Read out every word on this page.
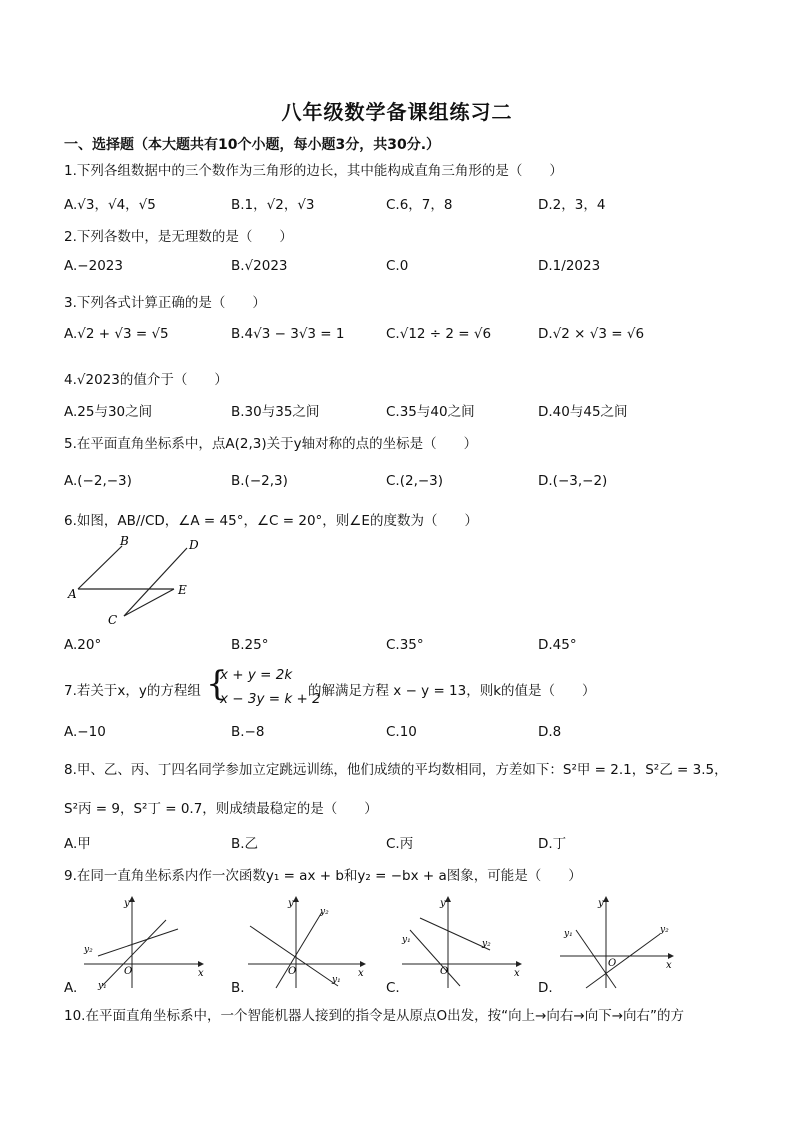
八年级数学备课组练习二
一、选择题（本大题共有10个小题，每小题3分，共30分.）
1.下列各组数据中的三个数作为三角形的边长，其中能构成直角三角形的是（　　）
A.√3，√4，√5	B.1，√2，√3	C.6，7，8	D.2，3，4
2.下列各数中，是无理数的是（　　）
A.−2023	B.√2023	C.0	D.1/2023
3.下列各式计算正确的是（　　）
A.√2 + √3 = √5	B.4√3 − 3√3 = 1	C.√12 ÷ 2 = √6	D.√2 × √3 = √6
4.√2023的值介于（　　）
A.25与30之间	B.30与35之间	C.35与40之间	D.40与45之间
5.在平面直角坐标系中，点A(2,3)关于y轴对称的点的坐标是（　　）
A.(−2,−3)	B.(−2,3)	C.(2,−3)	D.(−3,−2)
6.如图，AB//CD，∠A = 45°，∠C = 20°，则∠E的度数为（　　）
A
B
C
D
E
A.20°	B.25°	C.35°	D.45°
7.若关于x，y的方程组 {
x + y = 2k
x − 3y = k + 2
的解满足方程 x − y = 13，则k的值是（　　）
A.−10	B.−8	C.10	D.8
8.甲、乙、丙、丁四名同学参加立定跳远训练，他们成绩的平均数相同，方差如下：S²甲 = 2.1，S²乙 = 3.5，
S²丙 = 9，S²丁 = 0.7，则成绩最稳定的是（　　）
A.甲	B.乙	C.丙	D.丁
9.在同一直角坐标系内作一次函数y₁ = ax + b和y₂ = −bx + a图象，可能是（　　）
A.
y
x
O
y₂
y₁	B.
y
x
O
y₂
y₁	C.
y
x
O
y₂
y₁
D.
y
x
O
y₂
y₁
10.在平面直角坐标系中，一个智能机器人接到的指令是从原点O出发，按“向上→向右→向下→向右”的方
